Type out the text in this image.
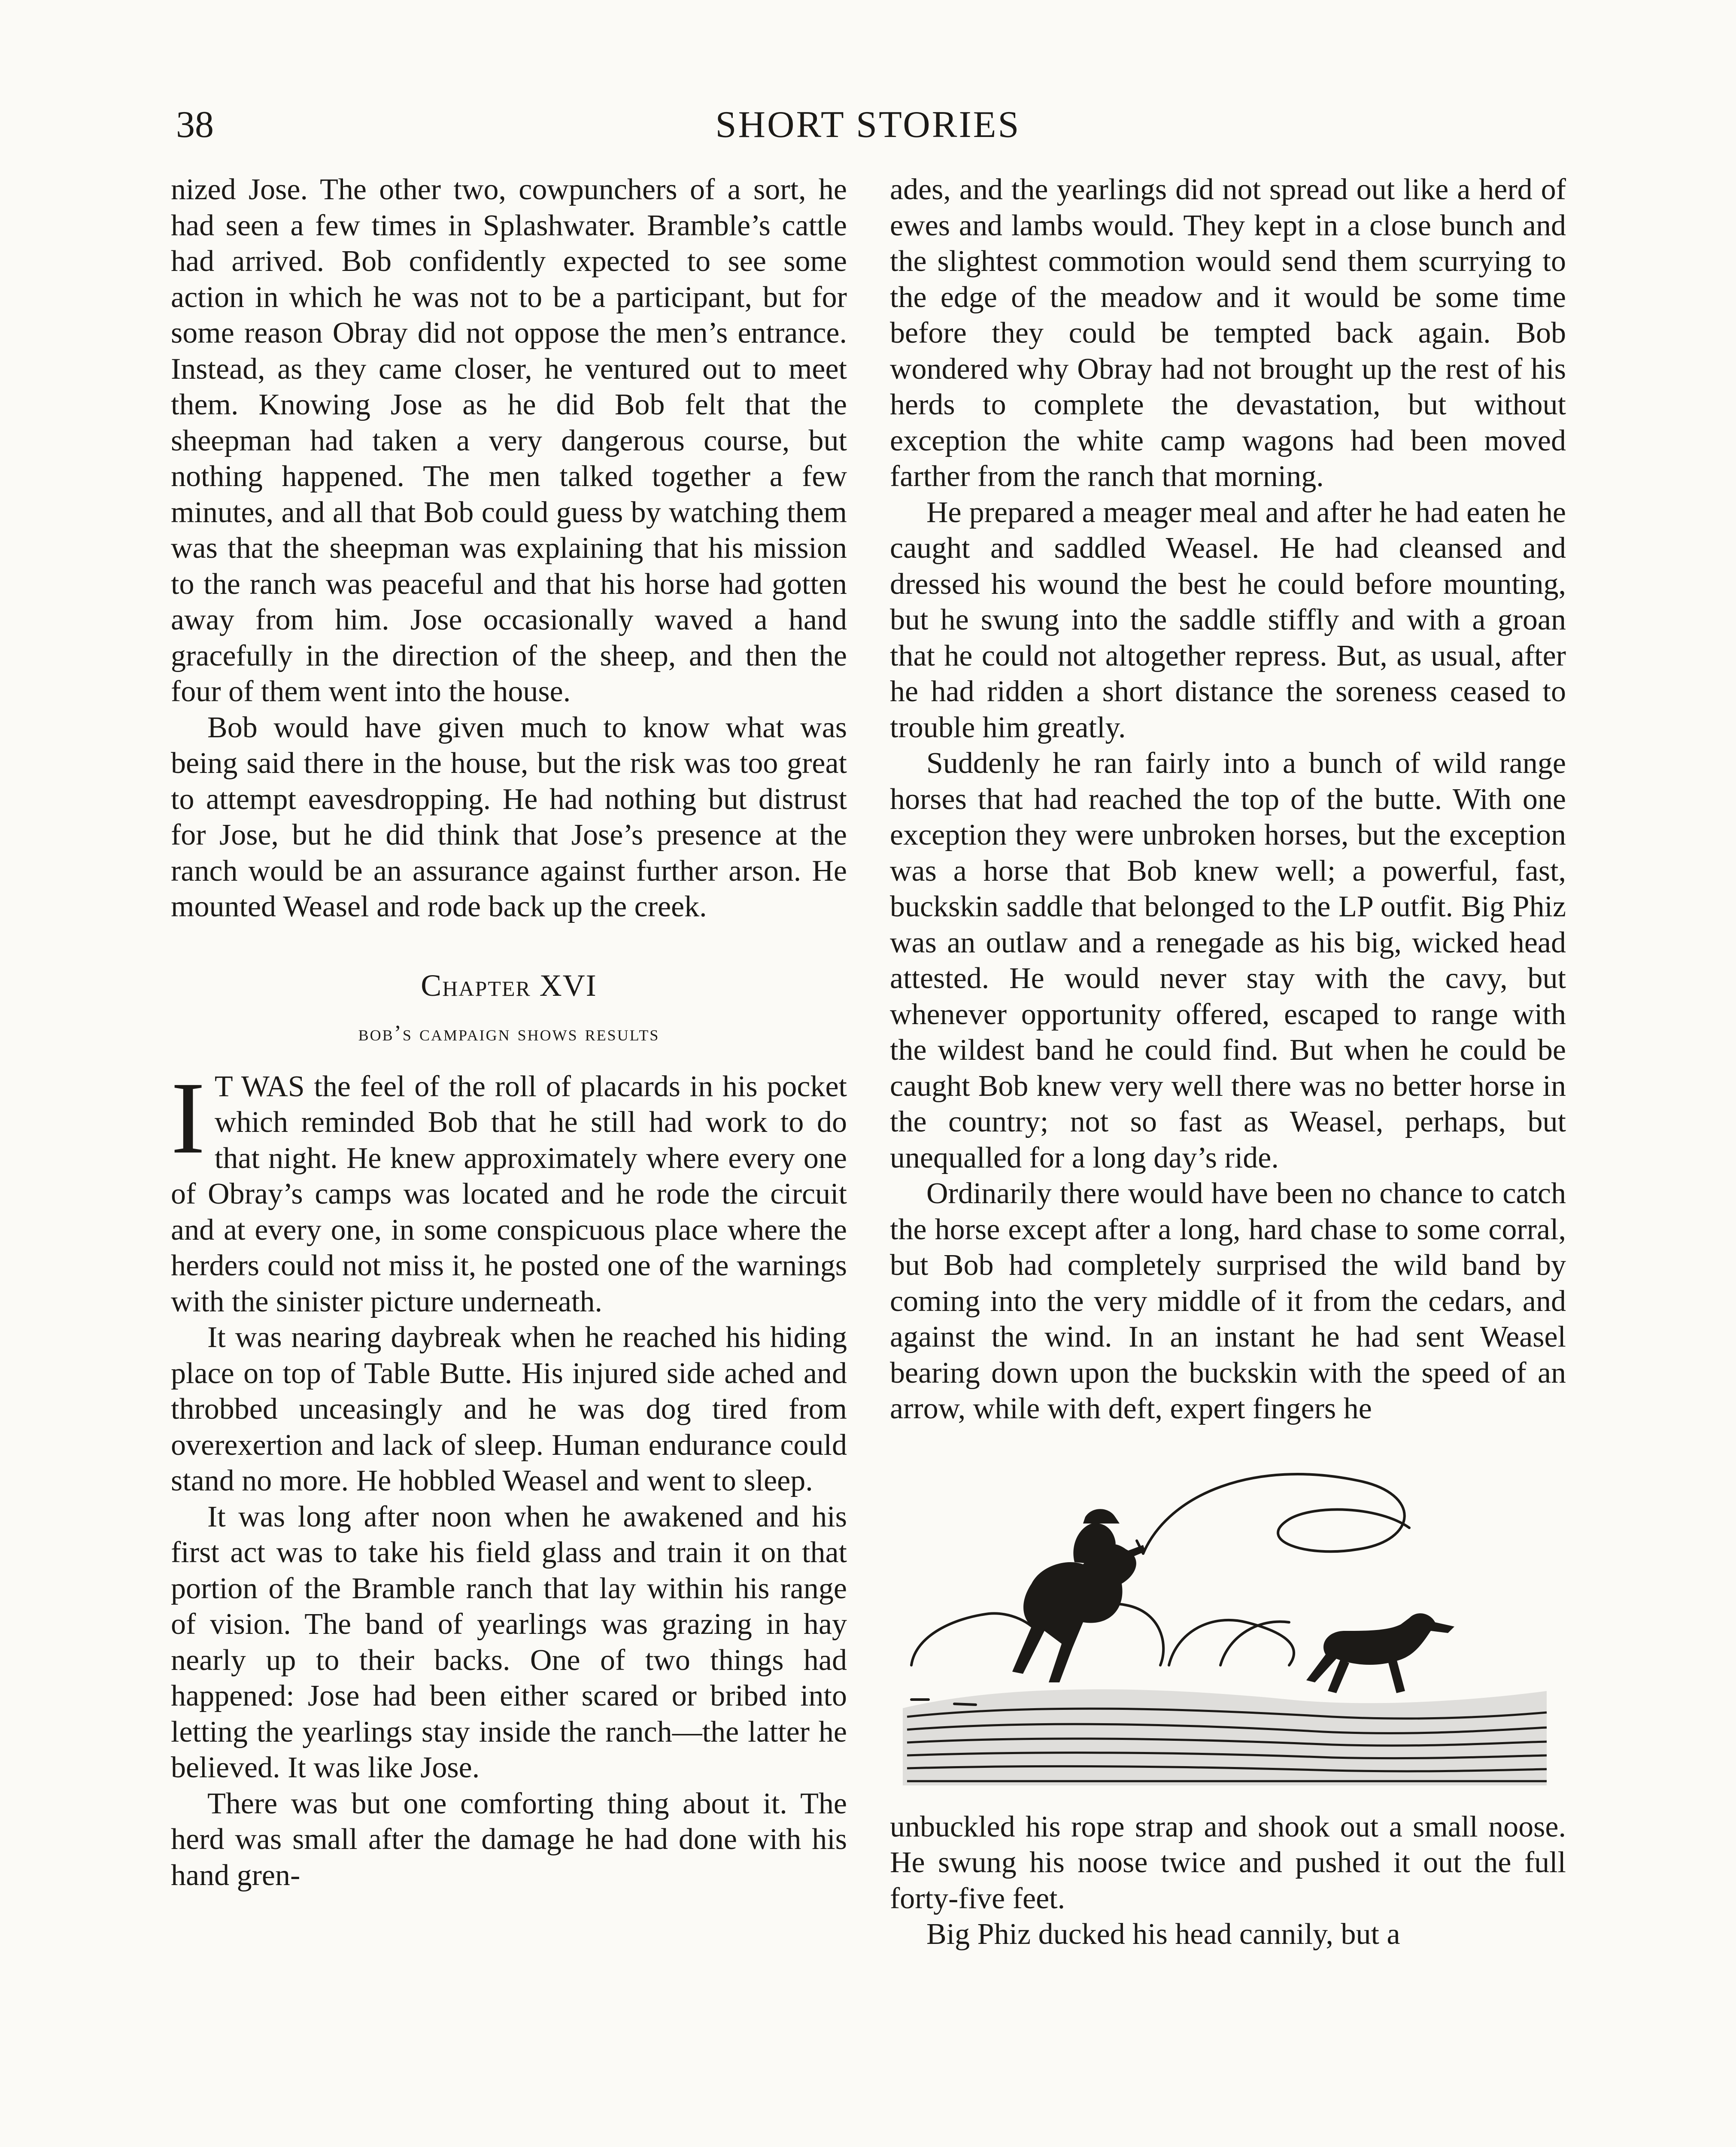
38	SHORT STORIES

nized Jose. The other two, cowpunchers of a sort, he had seen a few times in Splashwater. Bramble’s cattle had arrived. Bob confidently expected to see some action in which he was not to be a participant, but for some reason Obray did not oppose the men’s entrance. Instead, as they came closer, he ventured out to meet them. Knowing Jose as he did Bob felt that the sheepman had taken a very dangerous course, but nothing happened. The men talked together a few minutes, and all that Bob could guess by watching them was that the sheepman was explaining that his mission to the ranch was peaceful and that his horse had gotten away from him. Jose occasionally waved a hand gracefully in the direction of the sheep, and then the four of them went into the house.

Bob would have given much to know what was being said there in the house, but the risk was too great to attempt eavesdropping. He had nothing but distrust for Jose, but he did think that Jose’s presence at the ranch would be an assurance against further arson. He mounted Weasel and rode back up the creek.

Chapter XVI
bob’s campaign shows results

I T WAS the feel of the roll of placards in his pocket which reminded Bob that he still had work to do that night. He knew approximately where every one of Obray’s camps was located and he rode the circuit and at every one, in some conspicuous place where the herders could not miss it, he posted one of the warnings with the sinister picture underneath.

It was nearing daybreak when he reached his hiding place on top of Table Butte. His injured side ached and throbbed unceasingly and he was dog tired from overexertion and lack of sleep. Human endurance could stand no more. He hobbled Weasel and went to sleep.

It was long after noon when he awakened and his first act was to take his field glass and train it on that portion of the Bramble ranch that lay within his range of vision. The band of yearlings was grazing in hay nearly up to their backs. One of two things had happened: Jose had been either scared or bribed into letting the yearlings stay inside the ranch—the latter he believed. It was like Jose.

There was but one comforting thing about it. The herd was small after the damage he had done with his hand gren-

ades, and the yearlings did not spread out like a herd of ewes and lambs would. They kept in a close bunch and the slightest commotion would send them scurrying to the edge of the meadow and it would be some time before they could be tempted back again. Bob wondered why Obray had not brought up the rest of his herds to complete the devastation, but without exception the white camp wagons had been moved farther from the ranch that morning.

He prepared a meager meal and after he had eaten he caught and saddled Weasel. He had cleansed and dressed his wound the best he could before mounting, but he swung into the saddle stiffly and with a groan that he could not altogether repress. But, as usual, after he had ridden a short distance the soreness ceased to trouble him greatly.

Suddenly he ran fairly into a bunch of wild range horses that had reached the top of the butte. With one exception they were unbroken horses, but the exception was a horse that Bob knew well; a powerful, fast, buckskin saddle that belonged to the LP outfit. Big Phiz was an outlaw and a renegade as his big, wicked head attested. He would never stay with the cavy, but whenever opportunity offered, escaped to range with the wildest band he could find. But when he could be caught Bob knew very well there was no better horse in the country; not so fast as Weasel, perhaps, but unequalled for a long day’s ride.

Ordinarily there would have been no chance to catch the horse except after a long, hard chase to some corral, but Bob had completely surprised the wild band by coming into the very middle of it from the cedars, and against the wind. In an instant he had sent Weasel bearing down upon the buckskin with the speed of an arrow, while with deft, expert fingers he

unbuckled his rope strap and shook out a small noose. He swung his noose twice and pushed it out the full forty-five feet.

Big Phiz ducked his head cannily, but a
